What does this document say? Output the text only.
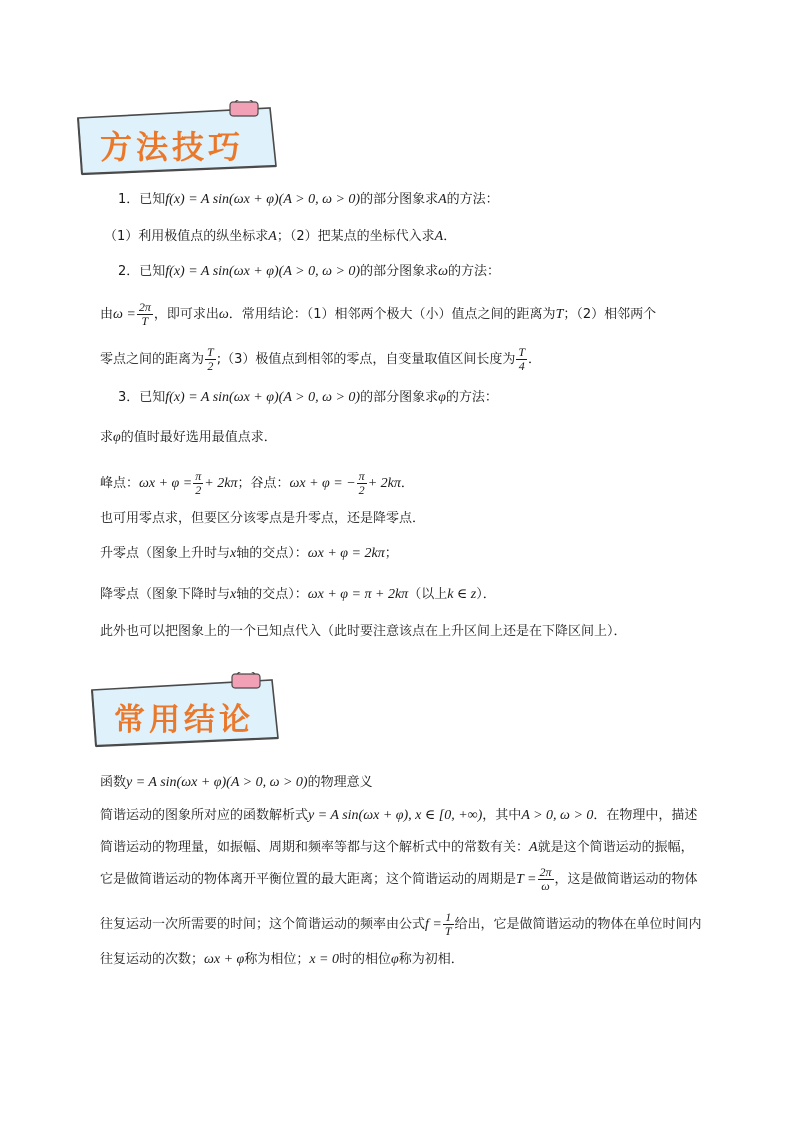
方法技巧
1．已知f(x) = A sin(ωx + φ)(A > 0, ω > 0)的部分图象求A的方法：
（1）利用极值点的纵坐标求A；（2）把某点的坐标代入求A．
2．已知f(x) = A sin(ωx + φ)(A > 0, ω > 0)的部分图象求ω的方法：
由$\omega = \frac{2\pi}{T}$ ，即可求出ω．常用结论：（1）相邻两个极大（小）值点之间的距离为T；（2）相邻两个
零点之间的距离为 $\frac{T}{2}$ ;（3）极值点到相邻的零点，自变量取值区间长度为 $\frac{T}{4}$ ．
3．已知f(x) = A sin(ωx + φ)(A > 0, ω > 0)的部分图象求φ的方法：
求φ的值时最好选用最值点求．
峰点：$\omega x + \varphi = \frac{\pi}{2} + 2k\pi$；谷点：ωx + φ = − $\frac{\pi}{2} + 2k\pi$．
也可用零点求，但要区分该零点是升零点，还是降零点．
升零点（图象上升时与x轴的交点）：ωx + φ = 2kπ；
降零点（图象下降时与x轴的交点）：ωx + φ = π + 2kπ（以上k ∈ z）．
此外也可以把图象上的一个已知点代入（此时要注意该点在上升区间上还是在下降区间上）．
常用结论
函数y = A sin(ωx + φ)(A > 0, ω > 0)的物理意义
简谐运动的图象所对应的函数解析式y = A sin(ωx + φ), x ∈ [0, +∞)，其中A > 0, ω > 0．在物理中，描述
简谐运动的物理量，如振幅、周期和频率等都与这个解析式中的常数有关：A就是这个简谐运动的振幅，
它是做简谐运动的物体离开平衡位置的最大距离；这个简谐运动的周期是$T = \frac{2\pi}{\omega}$ ，这是做简谐运动的物体
往复运动一次所需要的时间；这个简谐运动的频率由公式$f = \frac{1}{T}$ 给出，它是做简谐运动的物体在单位时间内
往复运动的次数；ωx + φ称为相位；x = 0时的相位φ称为初相．
